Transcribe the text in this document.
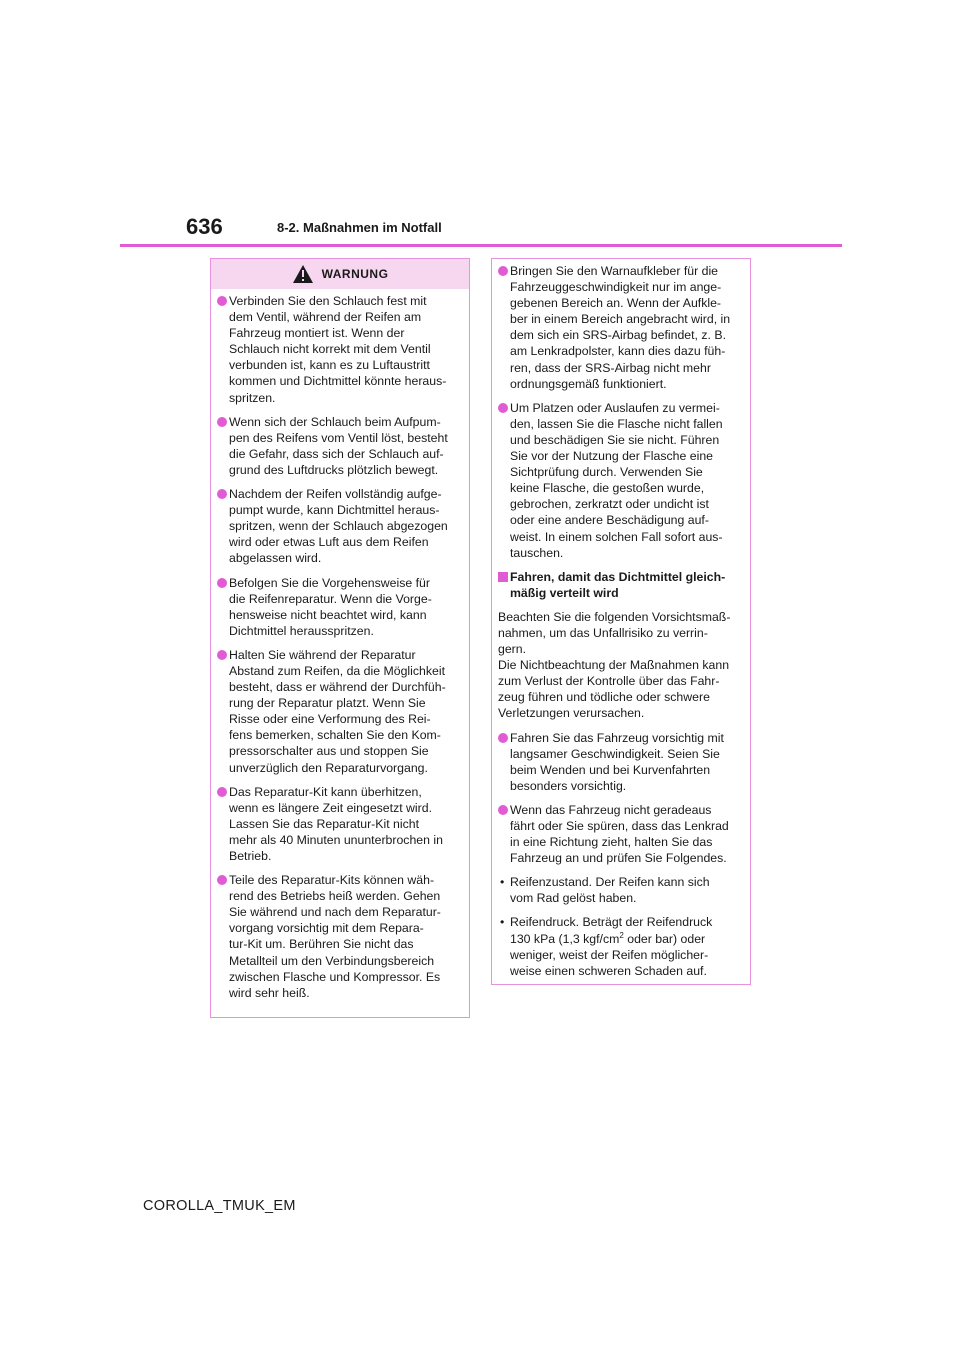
636	8-2. Maßnahmen im Notfall
WARNUNG
Verbinden Sie den Schlauch fest mit
dem Ventil, während der Reifen am
Fahrzeug montiert ist. Wenn der
Schlauch nicht korrekt mit dem Ventil
verbunden ist, kann es zu Luftaustritt
kommen und Dichtmittel könnte heraus-
spritzen.
Wenn sich der Schlauch beim Aufpum-
pen des Reifens vom Ventil löst, besteht
die Gefahr, dass sich der Schlauch auf-
grund des Luftdrucks plötzlich bewegt.
Nachdem der Reifen vollständig aufge-
pumpt wurde, kann Dichtmittel heraus-
spritzen, wenn der Schlauch abgezogen
wird oder etwas Luft aus dem Reifen
abgelassen wird.
Befolgen Sie die Vorgehensweise für
die Reifenreparatur. Wenn die Vorge-
hensweise nicht beachtet wird, kann
Dichtmittel herausspritzen.
Halten Sie während der Reparatur
Abstand zum Reifen, da die Möglichkeit
besteht, dass er während der Durchfüh-
rung der Reparatur platzt. Wenn Sie
Risse oder eine Verformung des Rei-
fens bemerken, schalten Sie den Kom-
pressorschalter aus und stoppen Sie
unverzüglich den Reparaturvorgang.
Das Reparatur-Kit kann überhitzen,
wenn es längere Zeit eingesetzt wird.
Lassen Sie das Reparatur-Kit nicht
mehr als 40 Minuten ununterbrochen in
Betrieb.
Teile des Reparatur-Kits können wäh-
rend des Betriebs heiß werden. Gehen
Sie während und nach dem Reparatur-
vorgang vorsichtig mit dem Repara-
tur-Kit um. Berühren Sie nicht das
Metallteil um den Verbindungsbereich
zwischen Flasche und Kompressor. Es
wird sehr heiß.
Bringen Sie den Warnaufkleber für die
Fahrzeuggeschwindigkeit nur im ange-
gebenen Bereich an. Wenn der Aufkle-
ber in einem Bereich angebracht wird, in
dem sich ein SRS-Airbag befindet, z. B.
am Lenkradpolster, kann dies dazu füh-
ren, dass der SRS-Airbag nicht mehr
ordnungsgemäß funktioniert.
Um Platzen oder Auslaufen zu vermei-
den, lassen Sie die Flasche nicht fallen
und beschädigen Sie sie nicht. Führen
Sie vor der Nutzung der Flasche eine
Sichtprüfung durch. Verwenden Sie
keine Flasche, die gestoßen wurde,
gebrochen, zerkratzt oder undicht ist
oder eine andere Beschädigung auf-
weist. In einem solchen Fall sofort aus-
tauschen.
Fahren, damit das Dichtmittel gleich-
mäßig verteilt wird
Beachten Sie die folgenden Vorsichtsmaß-
nahmen, um das Unfallrisiko zu verrin-
gern.
Die Nichtbeachtung der Maßnahmen kann
zum Verlust der Kontrolle über das Fahr-
zeug führen und tödliche oder schwere
Verletzungen verursachen.
Fahren Sie das Fahrzeug vorsichtig mit
langsamer Geschwindigkeit. Seien Sie
beim Wenden und bei Kurvenfahrten
besonders vorsichtig.
Wenn das Fahrzeug nicht geradeaus
fährt oder Sie spüren, dass das Lenkrad
in eine Richtung zieht, halten Sie das
Fahrzeug an und prüfen Sie Folgendes.
• Reifenzustand. Der Reifen kann sich
vom Rad gelöst haben.
• Reifendruck. Beträgt der Reifendruck
130 kPa (1,3 kgf/$cm^2$ oder bar) oder
weniger, weist der Reifen möglicher-
weise einen schweren Schaden auf.
COROLLA_TMUK_EM
